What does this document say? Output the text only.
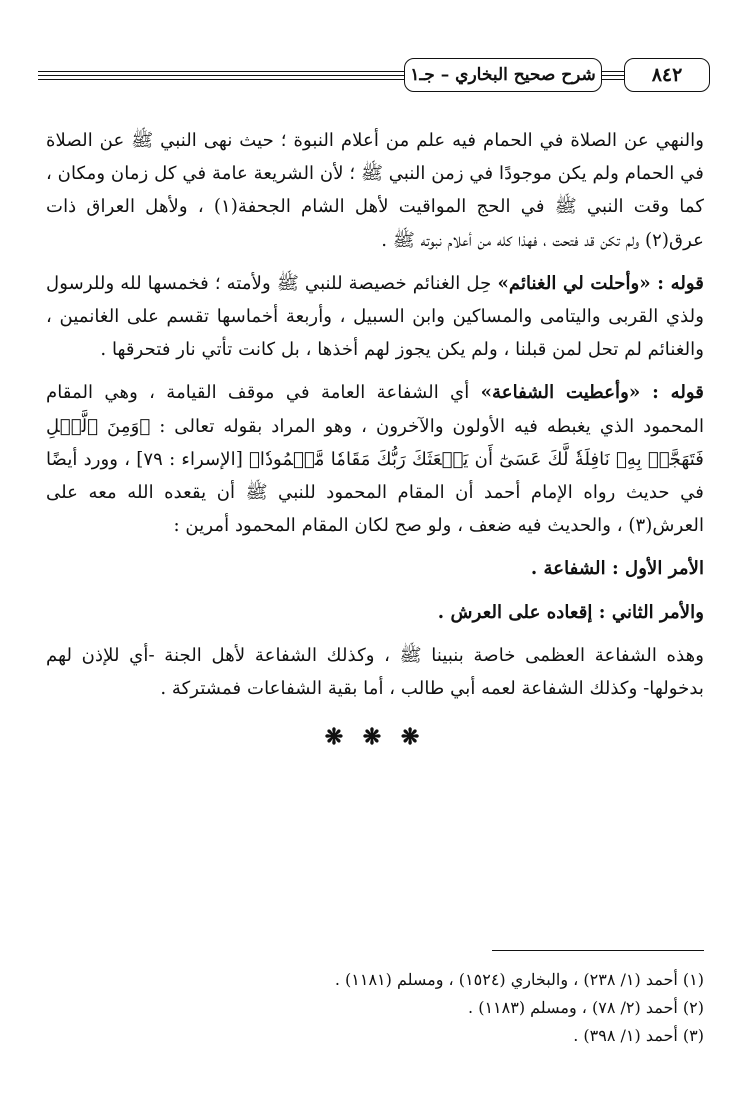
٨٤٢
شرح صحيح البخاري – جـ١

والنهي عن الصلاة في الحمام فيه علم من أعلام النبوة ؛ حيث نهى النبي ﷺ عن الصلاة في الحمام ولم يكن موجودًا في زمن النبي ﷺ ؛ لأن الشريعة عامة في كل زمان ومكان ، كما وقت النبي ﷺ في الحج المواقيت لأهل الشام الجحفة(١) ، ولأهل العراق ذات عرق(٢) ولم تكن قد فتحت ، فهذا كله من أعلام نبوته ﷺ .

قوله : «وأحلت لي الغنائم» حِل الغنائم خصيصة للنبي ﷺ ولأمته ؛ فخمسها لله وللرسول ولذي القربى واليتامى والمساكين وابن السبيل ، وأربعة أخماسها تقسم على الغانمين ، والغنائم لم تحل لمن قبلنا ، ولم يكن يجوز لهم أخذها ، بل كانت تأتي نار فتحرقها .

قوله : «وأعطيت الشفاعة» أي الشفاعة العامة في موقف القيامة ، وهي المقام المحمود الذي يغبطه فيه الأولون والآخرون ، وهو المراد بقوله تعالى : ﴿وَمِنَ ٱلَّيۡلِ فَتَهَجَّدۡ بِهِۦ نَافِلَةٗ لَّكَ عَسَىٰٓ أَن يَبۡعَثَكَ رَبُّكَ مَقَامٗا مَّحۡمُودٗا﴾ [الإسراء : ٧٩] ، وورد أيضًا في حديث رواه الإمام أحمد أن المقام المحمود للنبي ﷺ أن يقعده الله معه على العرش(٣) ، والحديث فيه ضعف ، ولو صح لكان المقام المحمود أمرين :

الأمر الأول : الشفاعة .

والأمر الثاني : إقعاده على العرش .

وهذه الشفاعة العظمى خاصة بنبينا ﷺ ، وكذلك الشفاعة لأهل الجنة -أي للإذن لهم بدخولها- وكذلك الشفاعة لعمه أبي طالب ، أما بقية الشفاعات فمشتركة .

❋ ❋ ❋
(١) أحمد (١/ ٢٣٨) ، والبخاري (١٥٢٤) ، ومسلم (١١٨١) .
(٢) أحمد (٢/ ٧٨) ، ومسلم (١١٨٣) .
(٣) أحمد (١/ ٣٩٨) .
